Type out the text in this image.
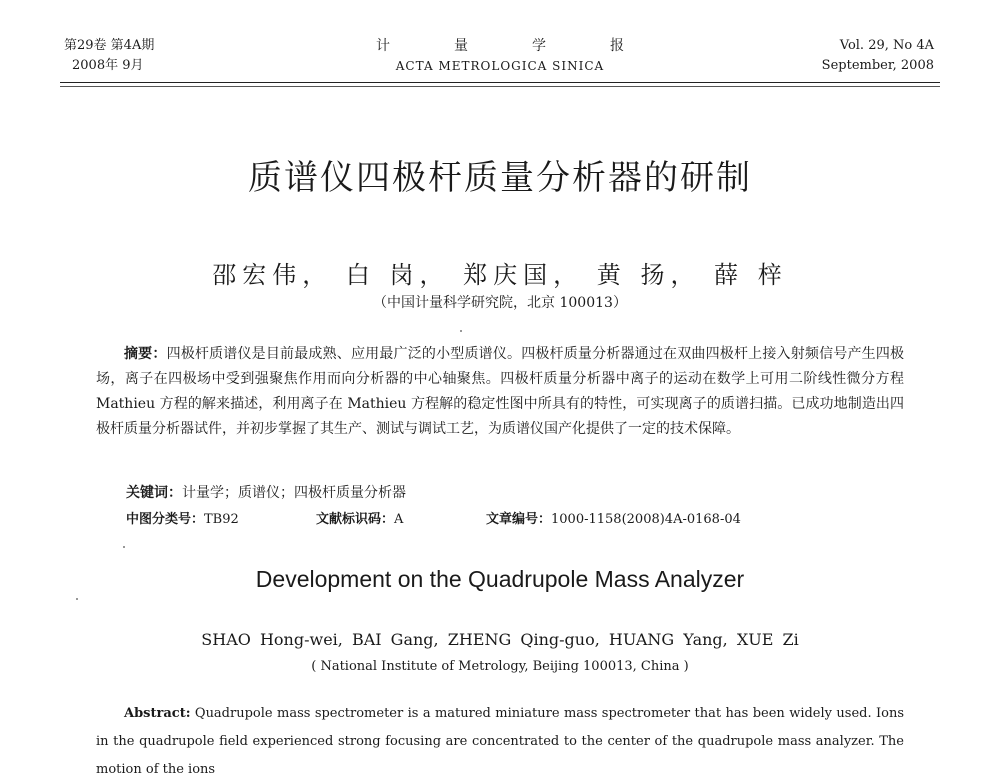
第29卷 第4A期
2008年 9月
计量学报
ACTA METROLOGICA SINICA
Vol. 29, No 4A
September, 2008
质谱仪四极杆质量分析器的研制
邵宏伟， 白 岗， 郑庆国， 黄 扬， 薛 梓
（中国计量科学研究院，北京 100013）
摘要：四极杆质谱仪是目前最成熟、应用最广泛的小型质谱仪。四极杆质量分析器通过在双曲四极杆上接入射频信号产生四极场，离子在四极场中受到强聚焦作用而向分析器的中心轴聚焦。四极杆质量分析器中离子的运动在数学上可用二阶线性微分方程 Mathieu 方程的解来描述，利用离子在 Mathieu 方程解的稳定性图中所具有的特性，可实现离子的质谱扫描。已成功地制造出四极杆质量分析器试件，并初步掌握了其生产、测试与调试工艺，为质谱仪国产化提供了一定的技术保障。
关键词：计量学；质谱仪；四极杆质量分析器
中图分类号：TB92	文献标识码：A	文章编号：1000-1158(2008)4A-0168-04
Development on the Quadrupole Mass Analyzer
SHAO Hong-wei, BAI Gang, ZHENG Qing-guo, HUANG Yang, XUE Zi
( National Institute of Metrology, Beijing 100013, China )
Abstract: Quadrupole mass spectrometer is a matured miniature mass spectrometer that has been widely used. Ions in the quadrupole field experienced strong focusing are concentrated to the center of the quadrupole mass analyzer. The motion of the ions
